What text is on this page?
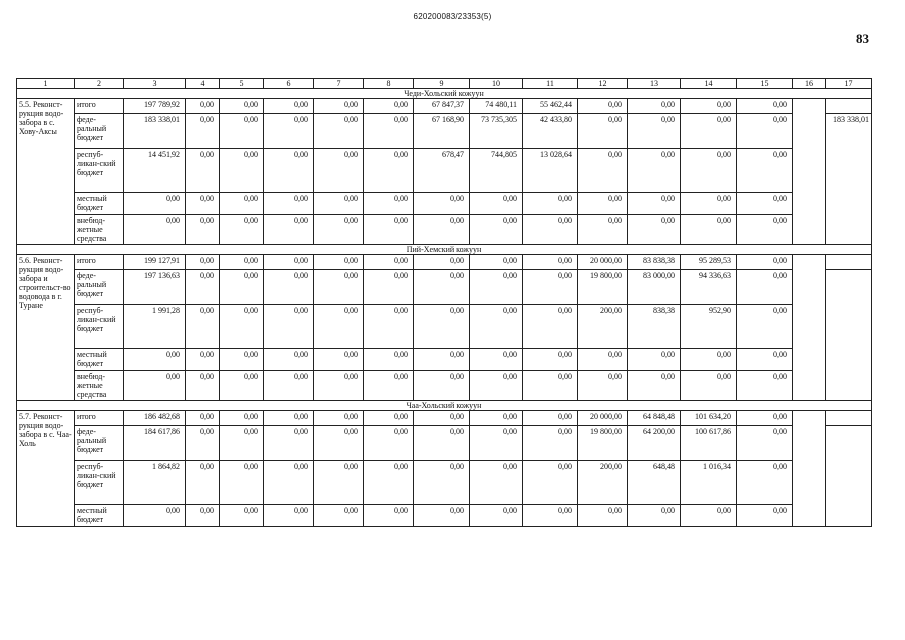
620200083/23353(5)
83
1	2	3	4	5	6	7	8	9	10	11	12	13	14	15	16	17
Чеди-Хольский кожуун																
5.5. Реконст-рукция водо-забора в с. Хову-Аксы	итого	197 789,92	0,00	0,00	0,00	0,00	0,00	67 847,37	74 480,11	55 462,44	0,00	0,00	0,00	0,00		
	феде-ральный бюджет	183 338,01	0,00	0,00	0,00	0,00	0,00	67 168,90	73 735,305	42 433,80	0,00	0,00	0,00	0,00		183 338,01
	респуб-ликан-ский бюджет	14 451,92	0,00	0,00	0,00	0,00	0,00	678,47	744,805	13 028,64	0,00	0,00	0,00	0,00		
	местный бюджет	0,00	0,00	0,00	0,00	0,00	0,00	0,00	0,00	0,00	0,00	0,00	0,00	0,00		
	внебюд-жетные средства	0,00	0,00	0,00	0,00	0,00	0,00	0,00	0,00	0,00	0,00	0,00	0,00	0,00		
Пий-Хемский кожуун																
5.6. Реконст-рукция водо-забора и строительст-во водовода в г. Туране	итого	199 127,91	0,00	0,00	0,00	0,00	0,00	0,00	0,00	0,00	20 000,00	83 838,38	95 289,53	0,00		
	феде-ральный бюджет	197 136,63	0,00	0,00	0,00	0,00	0,00	0,00	0,00	0,00	19 800,00	83 000,00	94 336,63	0,00		
	респуб-ликан-ский бюджет	1 991,28	0,00	0,00	0,00	0,00	0,00	0,00	0,00	0,00	200,00	838,38	952,90	0,00		
	местный бюджет	0,00	0,00	0,00	0,00	0,00	0,00	0,00	0,00	0,00	0,00	0,00	0,00	0,00		
	внебюд-жетные средства	0,00	0,00	0,00	0,00	0,00	0,00	0,00	0,00	0,00	0,00	0,00	0,00	0,00		
Чаа-Хольский кожуун																
5.7. Реконст-рукция водо-забора в с. Чаа-Холь	итого	186 482,68	0,00	0,00	0,00	0,00	0,00	0,00	0,00	0,00	20 000,00	64 848,48	101 634,20	0,00		
	феде-ральный бюджет	184 617,86	0,00	0,00	0,00	0,00	0,00	0,00	0,00	0,00	19 800,00	64 200,00	100 617,86	0,00		
	респуб-ликан-ский бюджет	1 864,82	0,00	0,00	0,00	0,00	0,00	0,00	0,00	0,00	200,00	648,48	1 016,34	0,00		
	местный бюджет	0,00	0,00	0,00	0,00	0,00	0,00	0,00	0,00	0,00	0,00	0,00	0,00	0,00		
